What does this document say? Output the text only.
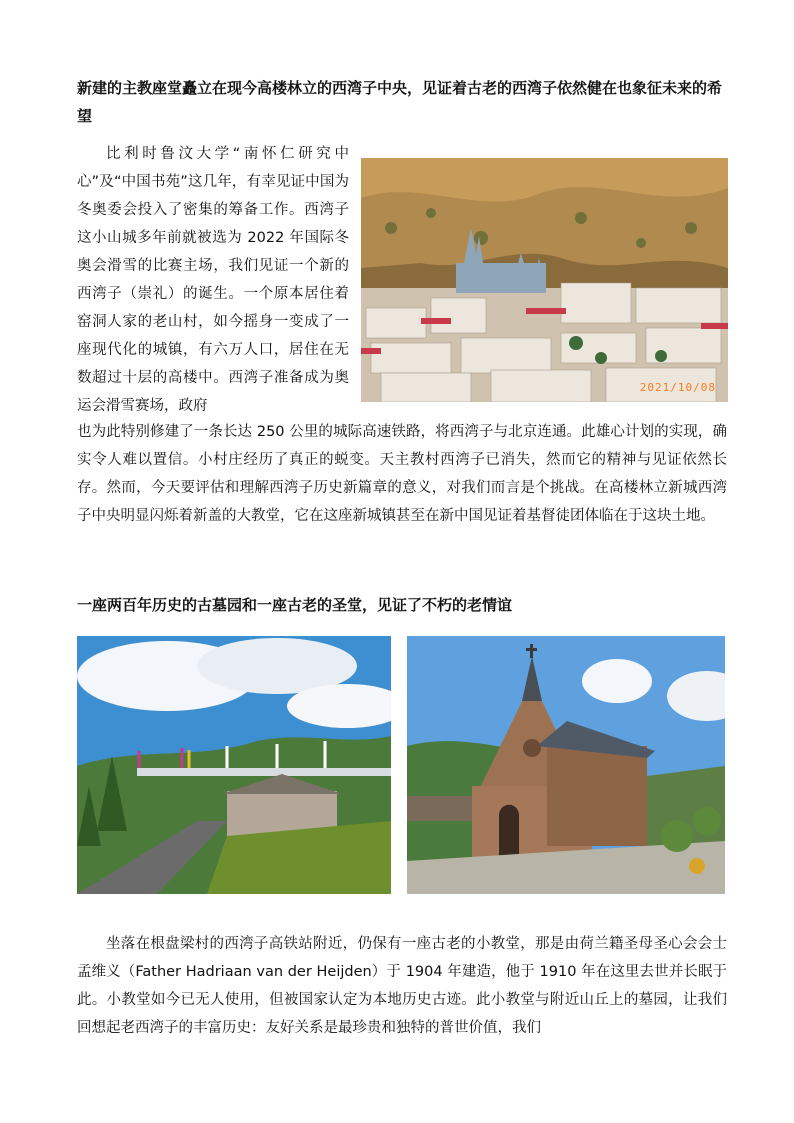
新建的主教座堂矗立在现今高楼林立的西湾子中央，见证着古老的西湾子依然健在也象征未来的希望
比利时鲁汶大学“南怀仁研究中心”及“中国书苑”这几年，有幸见证中国为冬奥委会投入了密集的筹备工作。西湾子这小山城多年前就被选为 2022 年国际冬奥会滑雪的比赛主场，我们见证一个新的西湾子（崇礼）的诞生。一个原本居住着窑洞人家的老山村，如今摇身一变成了一座现代化的城镇，有六万人口，居住在无数超过十层的高楼中。西湾子准备成为奥运会滑雪赛场，政府
2021/10/08
也为此特别修建了一条长达 250 公里的城际高速铁路，将西湾子与北京连通。此雄心计划的实现，确实令人难以置信。小村庄经历了真正的蜕变。天主教村西湾子已消失，然而它的精神与见证依然长存。然而，今天要评估和理解西湾子历史新篇章的意义，对我们而言是个挑战。在高楼林立新城西湾子中央明显闪烁着新盖的大教堂，它在这座新城镇甚至在新中国见证着基督徒团体临在于这块土地。
一座两百年历史的古墓园和一座古老的圣堂，见证了不朽的老情谊
坐落在根盘梁村的西湾子高铁站附近，仍保有一座古老的小教堂，那是由荷兰籍圣母圣心会会士孟维义（Father Hadriaan van der Heijden）于 1904 年建造，他于 1910 年在这里去世并长眠于此。小教堂如今已无人使用，但被国家认定为本地历史古迹。此小教堂与附近山丘上的墓园，让我们回想起老西湾子的丰富历史：友好关系是最珍贵和独特的普世价值，我们
